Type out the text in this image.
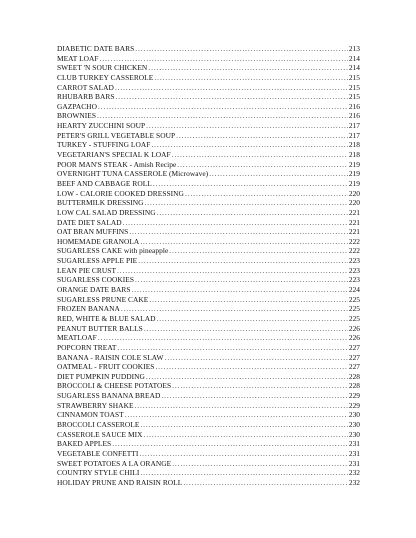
DIABETIC DATE BARS .....	213
MEAT LOAF .....	214
SWEET 'N SOUR CHICKEN .....	214
CLUB TURKEY CASSEROLE .....	215
CARROT SALAD .....	215
RHUBARB BARS .....	215
GAZPACHO .....	216
BROWNIES .....	216
HEARTY ZUCCHINI SOUP .....	217
PETER'S GRILL VEGETABLE SOUP .....	217
TURKEY - STUFFING LOAF .....	218
VEGETARIAN'S SPECIAL K LOAF .....	218
POOR MAN'S STEAK - Amish Recipe .....	219
OVERNIGHT TUNA CASSEROLE (Microwave) .....	219
BEEF AND CABBAGE ROLL .....	219
LOW - CALORIE COOKED DRESSING .....	220
BUTTERMILK DRESSING .....	220
LOW CAL SALAD DRESSING .....	221
DATE DIET SALAD .....	221
OAT BRAN MUFFINS .....	221
HOMEMADE GRANOLA .....	222
SUGARLESS CAKE with pineapple .....	222
SUGARLESS APPLE PIE .....	223
LEAN PIE CRUST .....	223
SUGARLESS COOKIES .....	223
ORANGE DATE BARS .....	224
SUGARLESS PRUNE CAKE .....	225
FROZEN BANANA .....	225
RED, WHITE & BLUE SALAD .....	225
PEANUT BUTTER BALLS .....	226
MEATLOAF .....	226
POPCORN TREAT .....	227
BANANA - RAISIN COLE SLAW .....	227
OATMEAL - FRUIT COOKIES .....	227
DIET PUMPKIN PUDDING .....	228
BROCCOLI & CHEESE POTATOES .....	228
SUGARLESS BANANA BREAD .....	229
STRAWBERRY SHAKE .....	229
CINNAMON TOAST .....	230
BROCCOLI CASSEROLE .....	230
CASSEROLE SAUCE MIX .....	230
BAKED APPLES .....	231
VEGETABLE CONFETTI .....	231
SWEET POTATOES A LA ORANGE .....	231
COUNTRY STYLE CHILI .....	232
HOLIDAY PRUNE AND RAISIN ROLL .....	232
